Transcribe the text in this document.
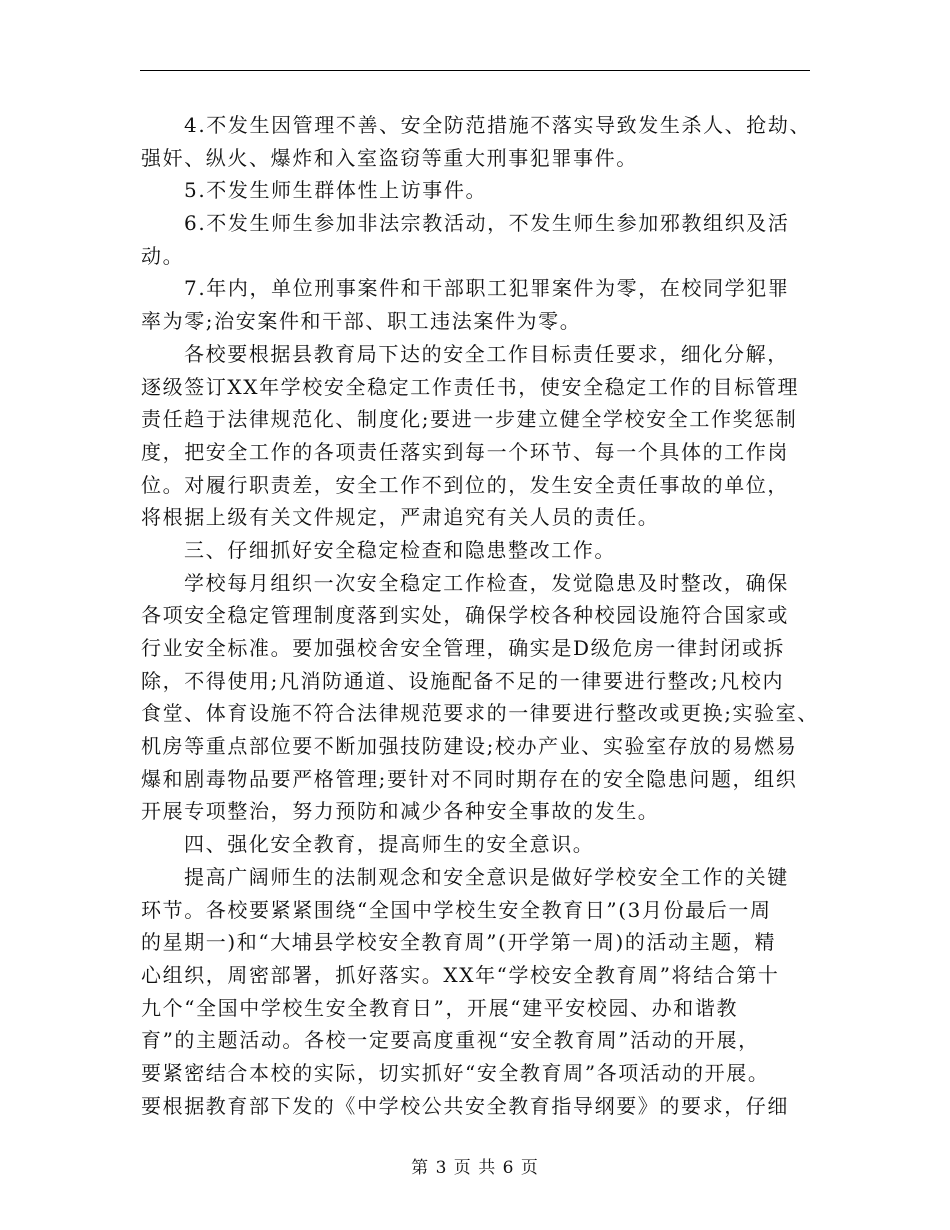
4.不发生因管理不善、安全防范措施不落实导致发生杀人、抢劫、
强奸、纵火、爆炸和入室盗窃等重大刑事犯罪事件。
5.不发生师生群体性上访事件。
6.不发生师生参加非法宗教活动，不发生师生参加邪教组织及活
动。
7.年内，单位刑事案件和干部职工犯罪案件为零，在校同学犯罪
率为零;治安案件和干部、职工违法案件为零。
各校要根据县教育局下达的安全工作目标责任要求，细化分解，
逐级签订XX年学校安全稳定工作责任书，使安全稳定工作的目标管理
责任趋于法律规范化、制度化;要进一步建立健全学校安全工作奖惩制
度，把安全工作的各项责任落实到每一个环节、每一个具体的工作岗
位。对履行职责差，安全工作不到位的，发生安全责任事故的单位，
将根据上级有关文件规定，严肃追究有关人员的责任。
三、仔细抓好安全稳定检查和隐患整改工作。
学校每月组织一次安全稳定工作检查，发觉隐患及时整改，确保
各项安全稳定管理制度落到实处，确保学校各种校园设施符合国家或
行业安全标准。要加强校舍安全管理，确实是D级危房一律封闭或拆
除，不得使用;凡消防通道、设施配备不足的一律要进行整改;凡校内
食堂、体育设施不符合法律规范要求的一律要进行整改或更换;实验室、
机房等重点部位要不断加强技防建设;校办产业、实验室存放的易燃易
爆和剧毒物品要严格管理;要针对不同时期存在的安全隐患问题，组织
开展专项整治，努力预防和减少各种安全事故的发生。
四、强化安全教育，提高师生的安全意识。
提高广阔师生的法制观念和安全意识是做好学校安全工作的关键
环节。各校要紧紧围绕“全国中学校生安全教育日”(3月份最后一周
的星期一)和“大埔县学校安全教育周”(开学第一周)的活动主题，精
心组织，周密部署，抓好落实。XX年“学校安全教育周”将结合第十
九个“全国中学校生安全教育日”，开展“建平安校园、办和谐教
育”的主题活动。各校一定要高度重视“安全教育周”活动的开展，
要紧密结合本校的实际，切实抓好“安全教育周”各项活动的开展。
要根据教育部下发的《中学校公共安全教育指导纲要》的要求，仔细
第 3 页 共 6 页
